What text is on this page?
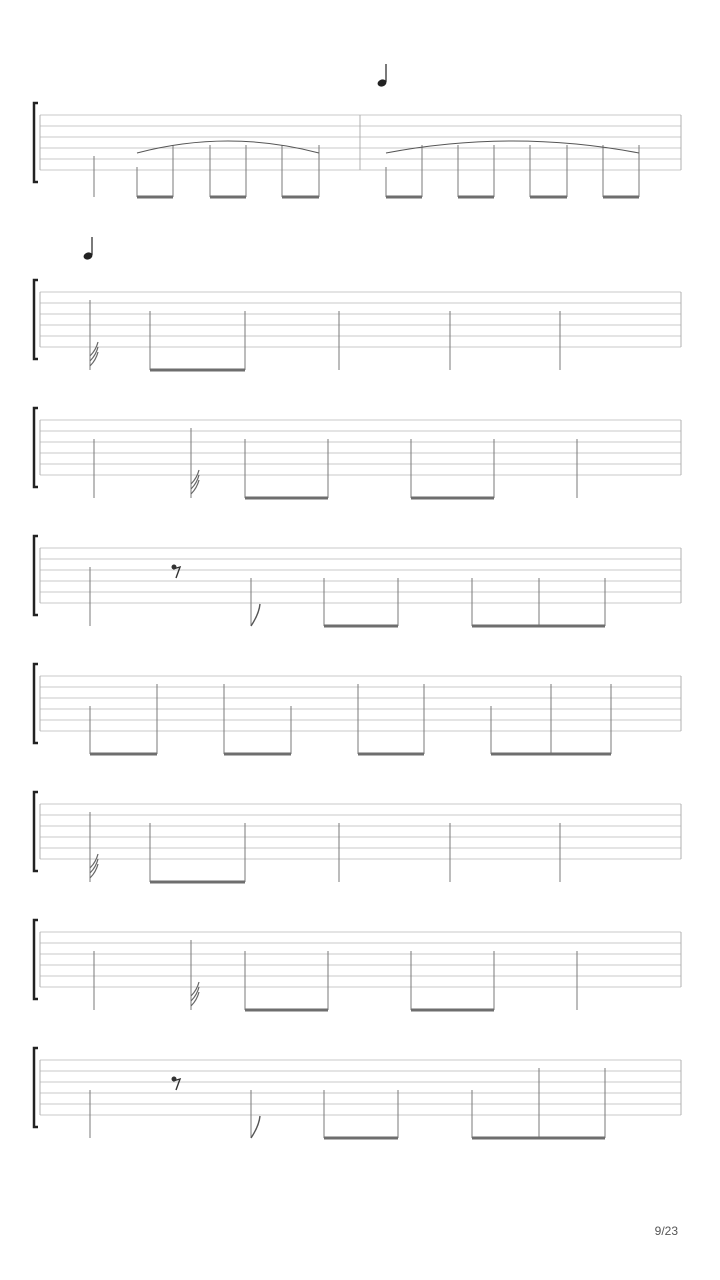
9/23
